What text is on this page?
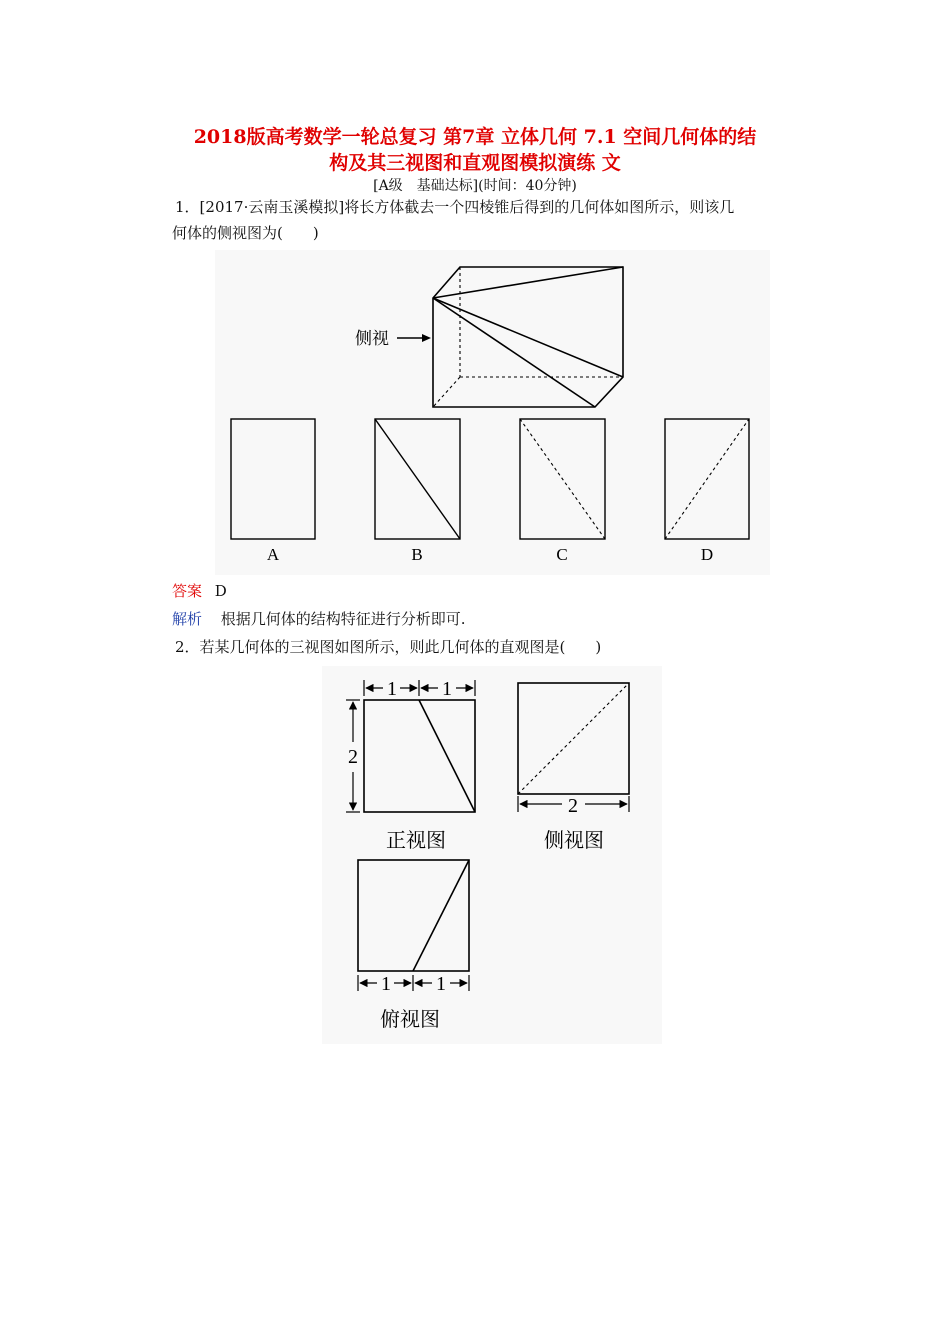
2018版高考数学一轮总复习 第7章 立体几何 7.1 空间几何体的结
构及其三视图和直观图模拟演练 文
[A级　基础达标](时间：40分钟)
1．[2017·云南玉溪模拟]将长方体截去一个四棱锥后得到的几何体如图所示，则该几
何体的侧视图为(　　)
侧视
A	B	C	D
答案 D
解析 根据几何体的结构特征进行分析即可.
2．若某几何体的三视图如图所示，则此几何体的直观图是(　　)
1 1
2
正视图
2
侧视图
1 1
俯视图
